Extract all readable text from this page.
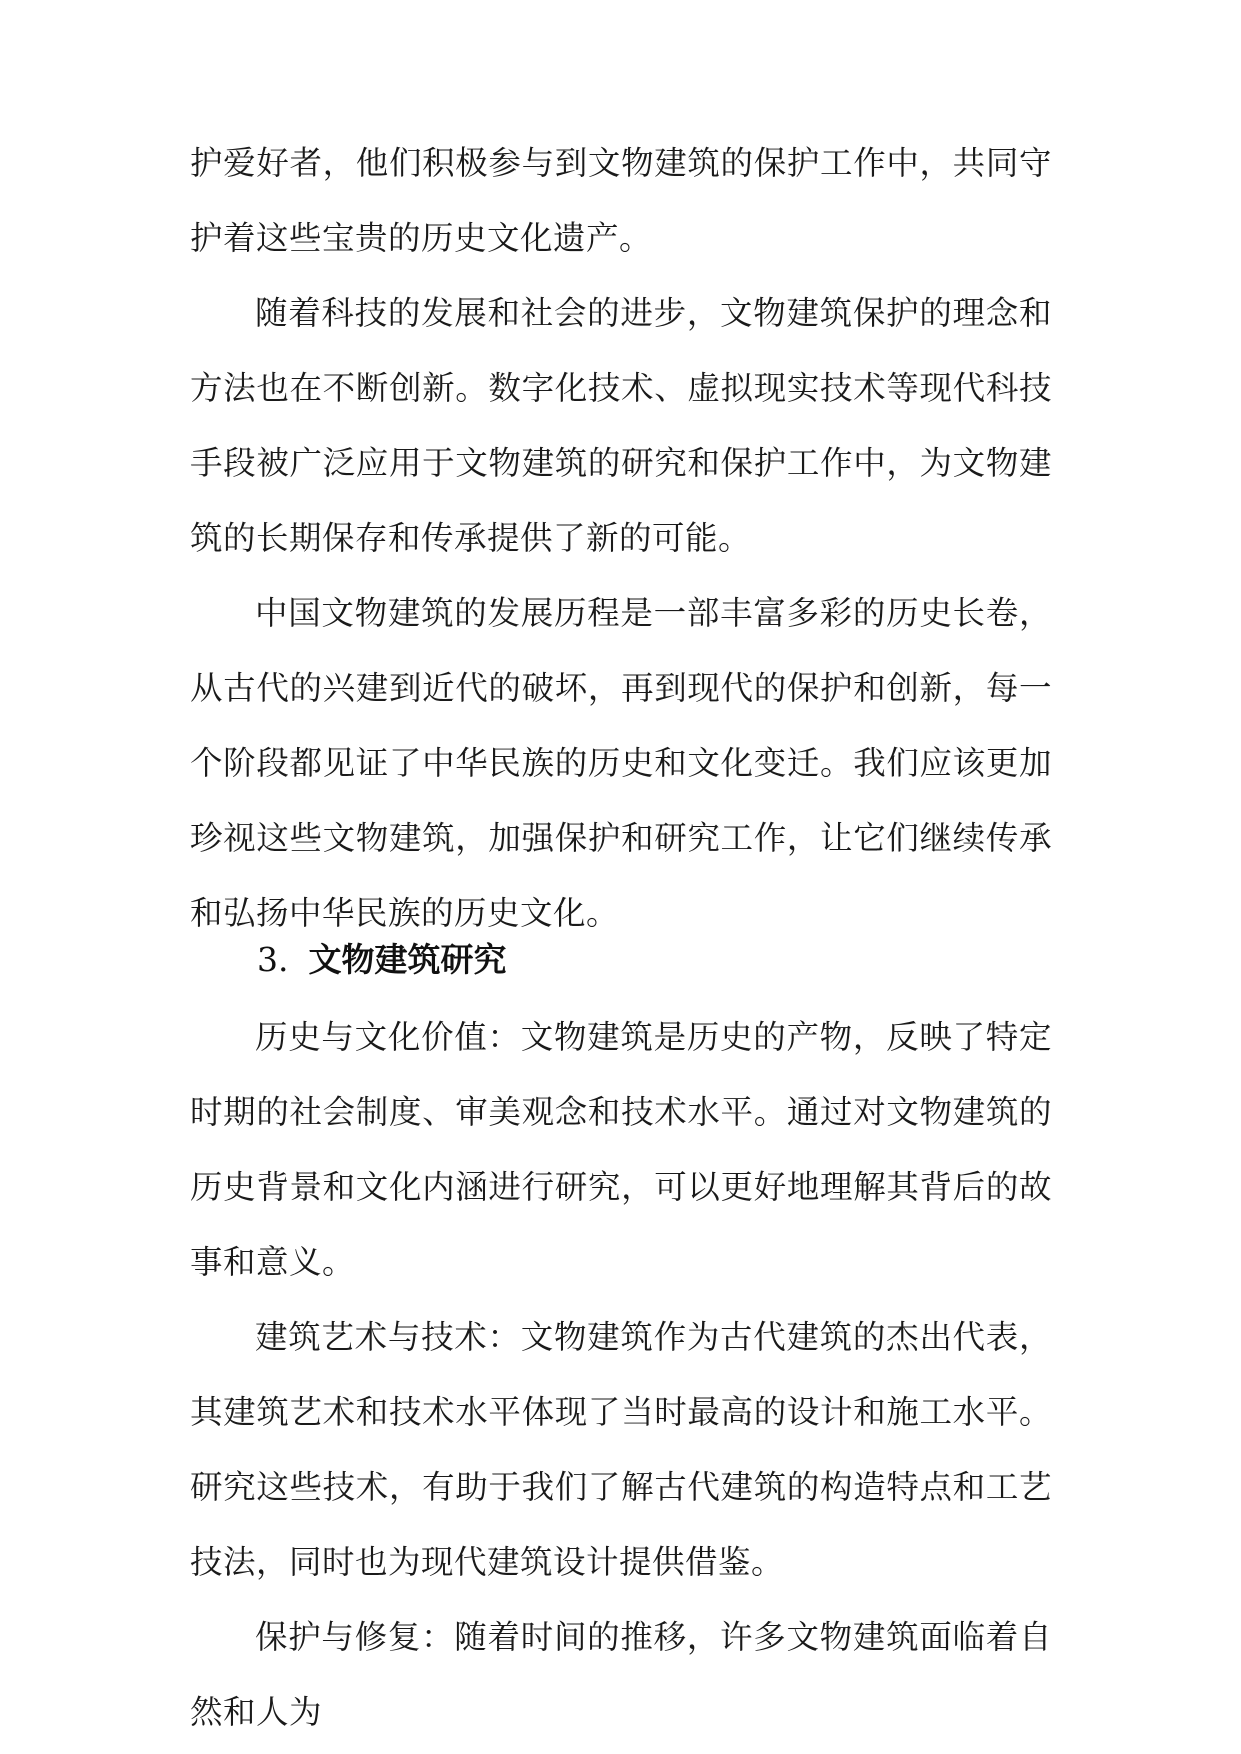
护爱好者，他们积极参与到文物建筑的保护工作中，共同守护着这些宝贵的历史文化遗产。

随着科技的发展和社会的进步，文物建筑保护的理念和方法也在不断创新。数字化技术、虚拟现实技术等现代科技手段被广泛应用于文物建筑的研究和保护工作中，为文物建筑的长期保存和传承提供了新的可能。

中国文物建筑的发展历程是一部丰富多彩的历史长卷，从古代的兴建到近代的破坏，再到现代的保护和创新，每一个阶段都见证了中华民族的历史和文化变迁。我们应该更加珍视这些文物建筑，加强保护和研究工作，让它们继续传承和弘扬中华民族的历史文化。

3. 文物建筑研究

历史与文化价值：文物建筑是历史的产物，反映了特定时期的社会制度、审美观念和技术水平。通过对文物建筑的历史背景和文化内涵进行研究，可以更好地理解其背后的故事和意义。

建筑艺术与技术：文物建筑作为古代建筑的杰出代表，其建筑艺术和技术水平体现了当时最高的设计和施工水平。研究这些技术，有助于我们了解古代建筑的构造特点和工艺技法，同时也为现代建筑设计提供借鉴。

保护与修复：随着时间的推移，许多文物建筑面临着自然和人为
